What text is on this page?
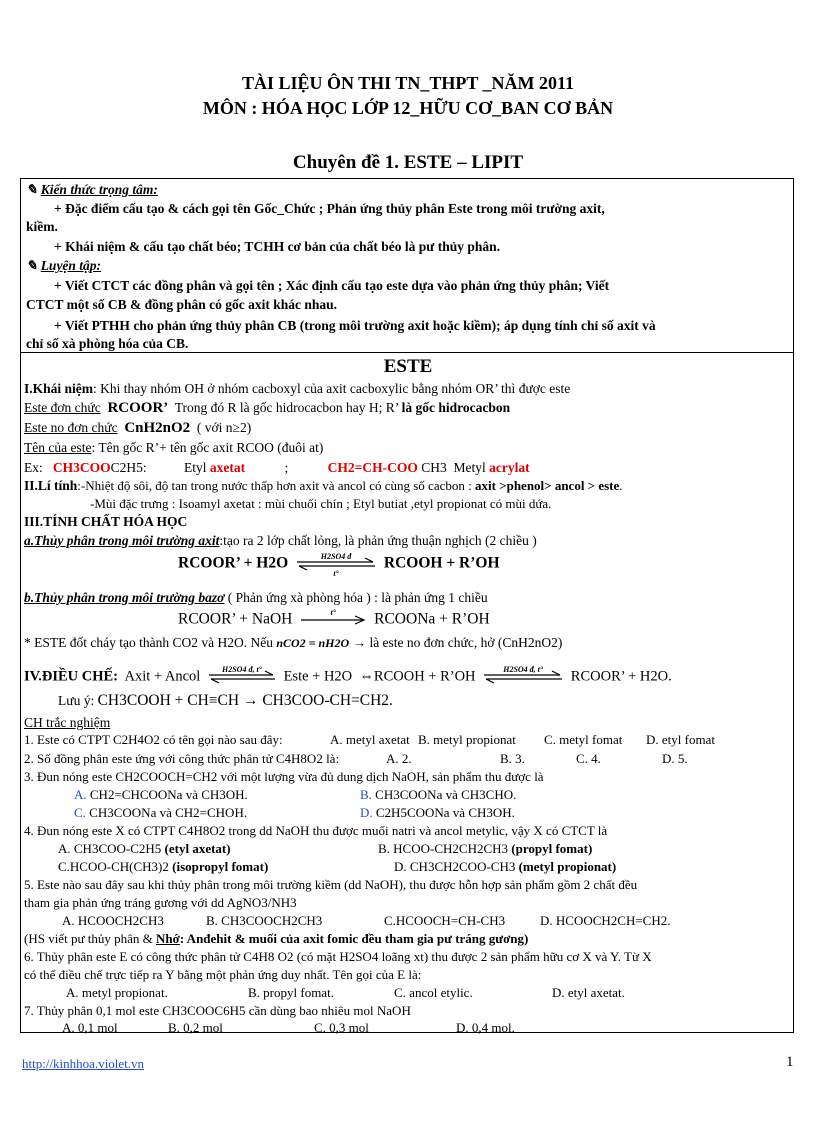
TÀI LIỆU ÔN THI TN_THPT _NĂM 2011
MÔN : HÓA HỌC LỚP 12_HỮU CƠ_BAN CƠ BẢN
Chuyên đề 1. ESTE – LIPIT
✎ Kiến thức trọng tâm:
+ Đặc điểm cấu tạo & cách gọi tên Gốc_Chức ; Phản ứng thủy phân Este trong môi trường axit,
kiềm.
+ Khái niệm & cấu tạo chất béo; TCHH cơ bản của chất béo là pư thủy phân.
✎ Luyện tập:
+ Viết CTCT các đồng phân và gọi tên ; Xác định cấu tạo este dựa vào phản ứng thủy phân; Viết
CTCT một số CB & đồng phân có gốc axit khác nhau.
+ Viết PTHH cho phản ứng thủy phân CB (trong môi trường axit hoặc kiềm); áp dụng tính chỉ số axit và
chỉ số xà phòng hóa của CB.
ESTE
I.Khái niệm: Khi thay nhóm OH ở nhóm cacboxyl của axit cacboxylic bằng nhóm OR’ thì được este
Este đơn chức RCOOR’ Trong đó R là gốc hidrocacbon hay H; R’ là gốc hidrocacbon
Este no đơn chức CnH2nO2 ( với n≥2)
Tên của este: Tên gốc R’+ tên gốc axit RCOO (đuôi at)
Ex: CH3COOC2H5:	Etyl axetat	;	CH2=CH-COO CH3 Metyl acrylat
II.Lí tính:-Nhiệt độ sôi, độ tan trong nước thấp hơn axit và ancol có cùng số cacbon : axit >phenol> ancol > este.
-Mùi đặc trưng : Isoamyl axetat : mùi chuối chín ; Etyl butiat ,etyl propionat có mùi dứa.
III.TÍNH CHẤT HÓA HỌC
a.Thủy phân trong môi trường axit:tạo ra 2 lớp chất lỏng, là phản ứng thuận nghịch (2 chiều )
RCOOR’ + H2O	H2SO4 đ
t°
RCOOH + R’OH
b.Thủy phân trong môi trường bazơ ( Phản ứng xà phòng hóa ) : là phản ứng 1 chiều
RCOOR’ + NaOH	t°	RCOONa + R’OH
* ESTE đốt cháy tạo thành CO2 và H2O. Nếu nCO2 = nH2O → là este no đơn chức, hở (CnH2nO2)
IV.ĐIỀU CHẾ: Axit + Ancol	H2SO4 đ, t°	Este + H2O ⇔RCOOH + R’OH	H2SO4 đ, t°	RCOOR’ + H2O.
Lưu ý: CH3COOH + CH≡CH → CH3COO-CH=CH2.
CH trắc nghiệm
1. Este có CTPT C2H4O2 có tên gọi nào sau đây:	A. metyl axetat B. metyl propionat C. metyl fomat D. etyl fomat
2. Số đồng phân este ứng với công thức phân tử C4H8O2 là:	A. 2.	B. 3.	C. 4.	D. 5.
3. Đun nóng este CH2COOCH=CH2 với một lượng vừa đủ dung dịch NaOH, sản phẩm thu được là
A. CH2=CHCOONa và CH3OH.	B. CH3COONa và CH3CHO.
C. CH3COONa và CH2=CHOH.	D. C2H5COONa và CH3OH.
4. Đun nóng este X có CTPT C4H8O2 trong dd NaOH thu được muối natri và ancol metylic, vậy X có CTCT là
A. CH3COO-C2H5 (etyl axetat)	B. HCOO-CH2CH2CH3 (propyl fomat)
C.HCOO-CH(CH3)2 (isopropyl fomat)	D. CH3CH2COO-CH3 (metyl propionat)
5. Este nào sau đây sau khi thủy phân trong môi trường kiềm (dd NaOH), thu được hỗn hợp sản phẩm gồm 2 chất đều
tham gia phản ứng tráng gương với dd AgNO3/NH3
A. HCOOCH2CH3	B. CH3COOCH2CH3	C.HCOOCH=CH-CH3	D. HCOOCH2CH=CH2.
(HS viết pư thủy phân & Nhớ: Anđehit & muối của axit fomic đều tham gia pư tráng gương)
6. Thủy phân este E có công thức phân tử C4H8 O2 (có mặt H2SO4 loãng xt) thu được 2 sản phẩm hữu cơ X và Y. Từ X
có thể điều chế trực tiếp ra Y bằng một phản ứng duy nhất. Tên gọi của E là:
A. metyl propionat.	B. propyl fomat.	C. ancol etylic.	D. etyl axetat.
7. Thủy phân 0,1 mol este CH3COOC6H5 cần dùng bao nhiêu mol NaOH
A. 0,1 mol	B. 0,2 mol	C. 0,3 mol	D. 0,4 mol.
http://kinhhoa.violet.vn	1
